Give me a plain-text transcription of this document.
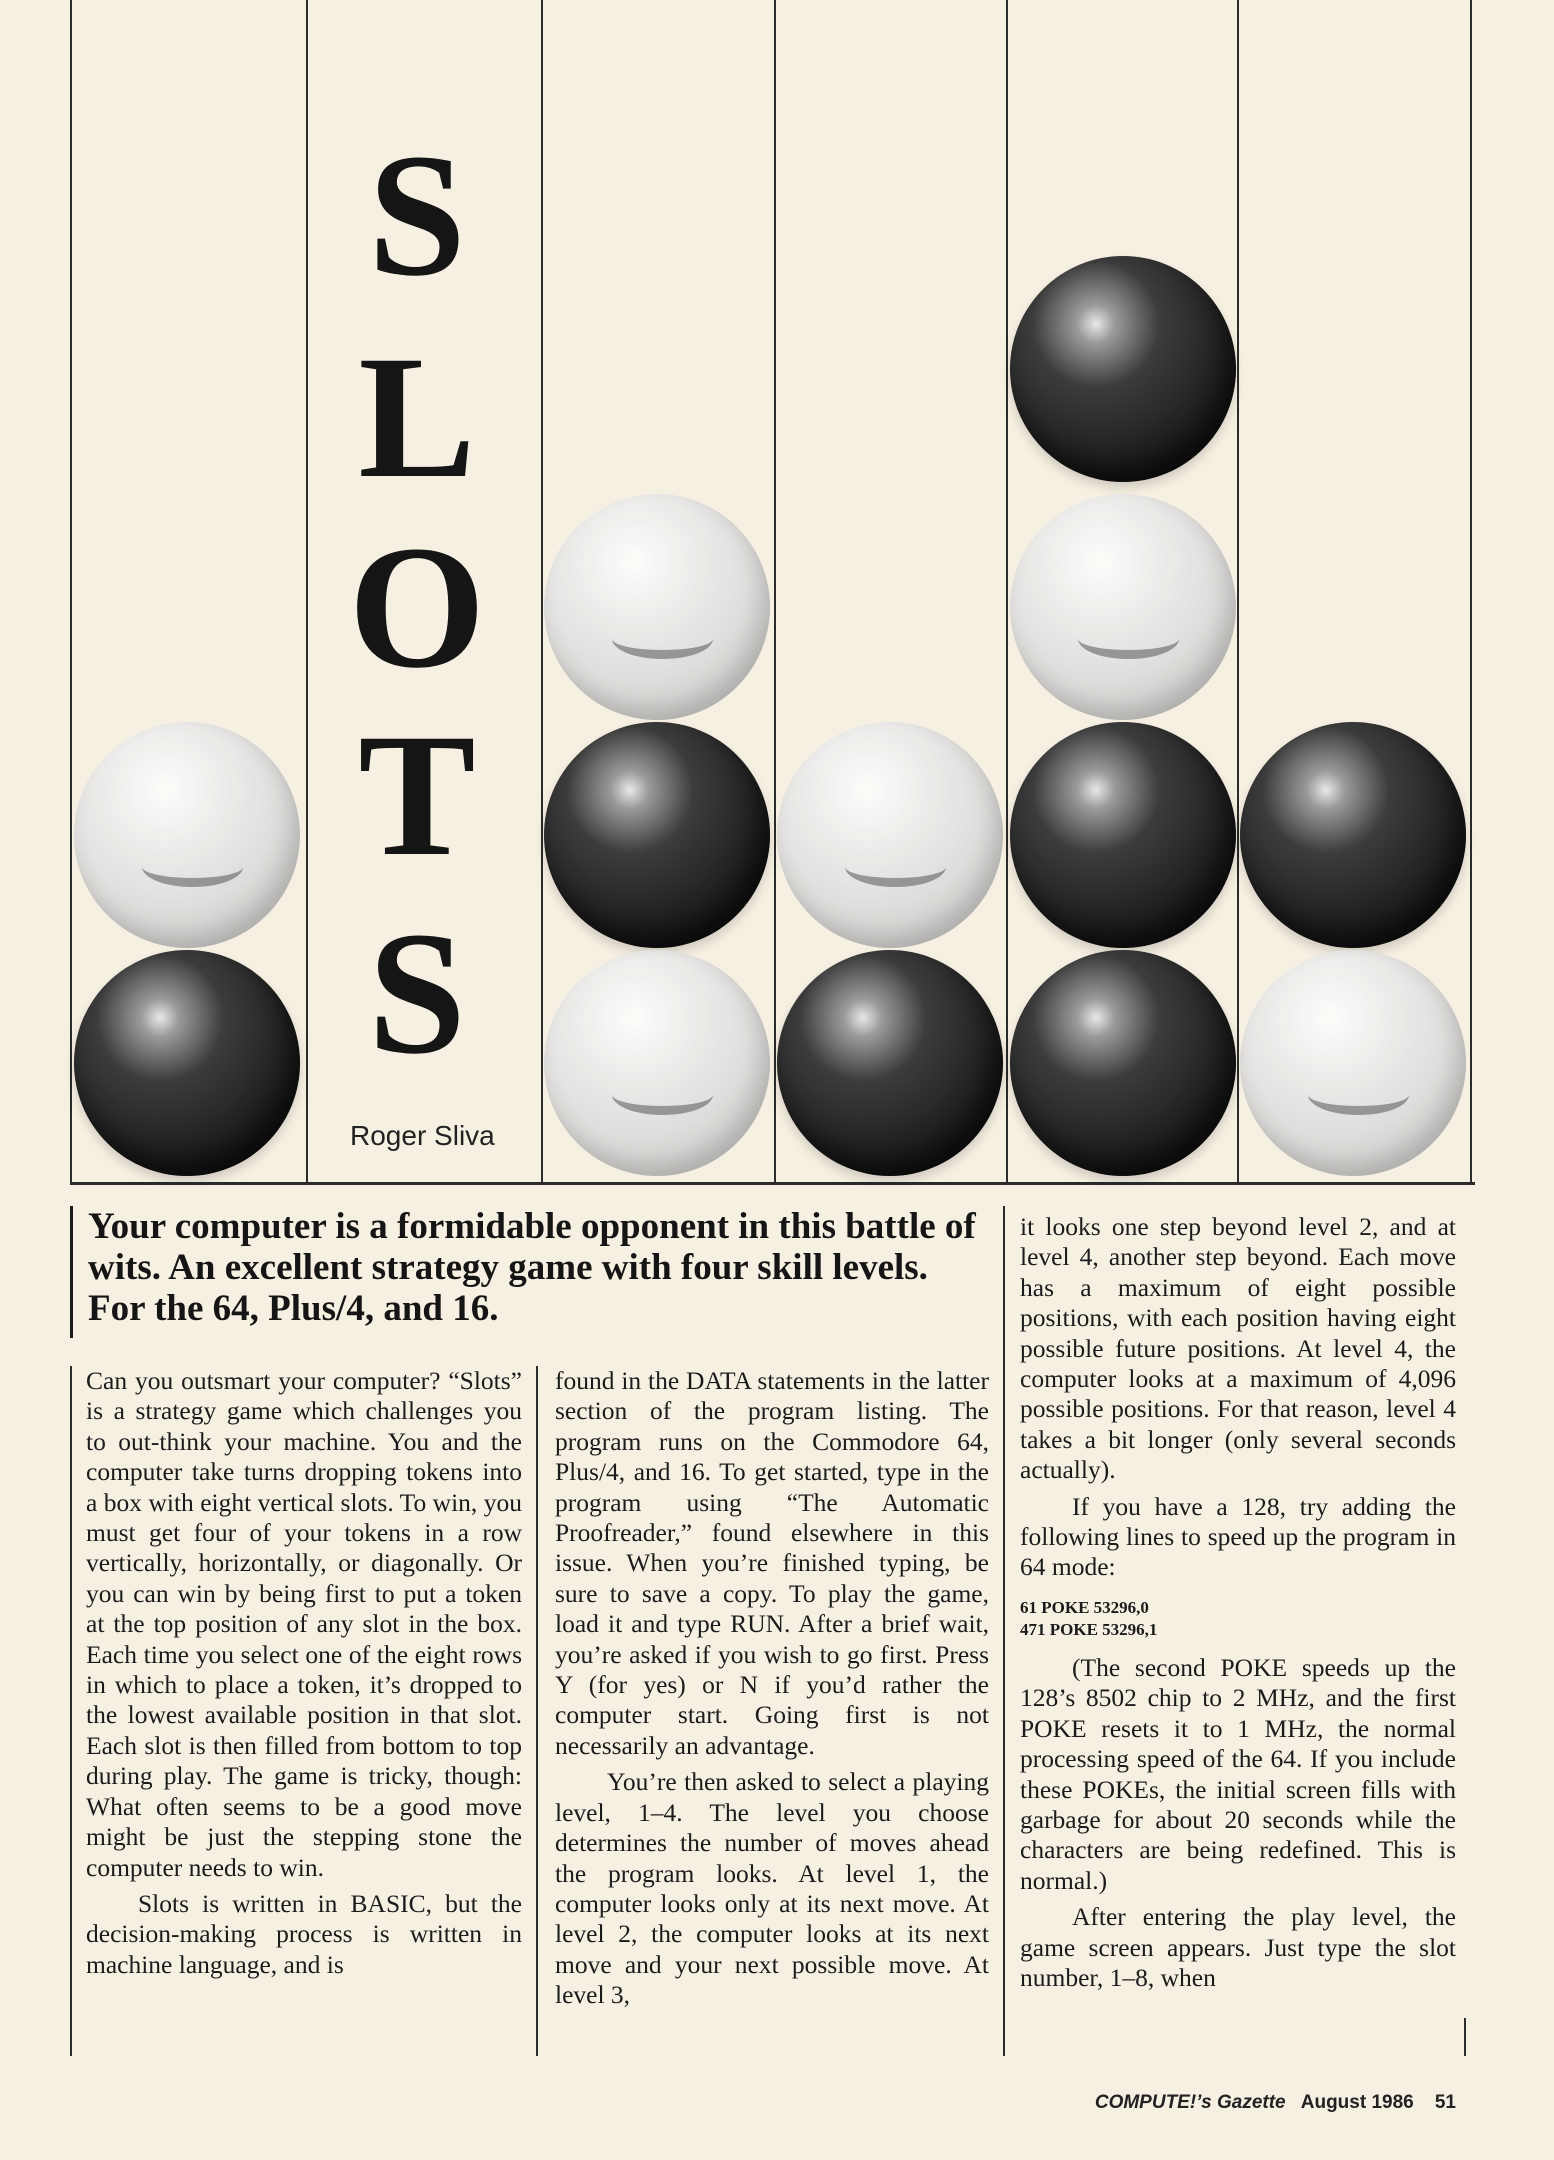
S
L
O
T
S
Roger Sliva
Your computer is a formidable opponent in this battle of wits. An excellent strategy game with four skill levels. For the 64, Plus/4, and 16.

Can you outsmart your computer? “Slots” is a strategy game which challenges you to out-think your machine. You and the computer take turns dropping tokens into a box with eight vertical slots. To win, you must get four of your tokens in a row vertically, horizontally, or diagonally. Or you can win by being first to put a token at the top position of any slot in the box. Each time you select one of the eight rows in which to place a token, it’s dropped to the lowest available position in that slot. Each slot is then filled from bottom to top during play. The game is tricky, though: What often seems to be a good move might be just the stepping stone the computer needs to win.

Slots is written in BASIC, but the decision-making process is written in machine language, and is

found in the DATA statements in the latter section of the program listing. The program runs on the Commodore 64, Plus/4, and 16. To get started, type in the program using “The Automatic Proofreader,” found elsewhere in this issue. When you’re finished typing, be sure to save a copy. To play the game, load it and type RUN. After a brief wait, you’re asked if you wish to go first. Press Y (for yes) or N if you’d rather the computer start. Going first is not necessarily an advantage.

You’re then asked to select a playing level, 1–4. The level you choose determines the number of moves ahead the program looks. At level 1, the computer looks only at its next move. At level 2, the computer looks at its next move and your next possible move. At level 3,

it looks one step beyond level 2, and at level 4, another step beyond. Each move has a maximum of eight possible positions, with each position having eight possible future positions. At level 4, the computer looks at a maximum of 4,096 possible positions. For that reason, level 4 takes a bit longer (only several seconds actually).

If you have a 128, try adding the following lines to speed up the program in 64 mode:

61 POKE 53296,0
471 POKE 53296,1

(The second POKE speeds up the 128’s 8502 chip to 2 MHz, and the first POKE resets it to 1 MHz, the normal processing speed of the 64. If you include these POKEs, the initial screen fills with garbage for about 20 seconds while the characters are being redefined. This is normal.)

After entering the play level, the game screen appears. Just type the slot number, 1–8, when

COMPUTE!’s Gazette August 1986 51
